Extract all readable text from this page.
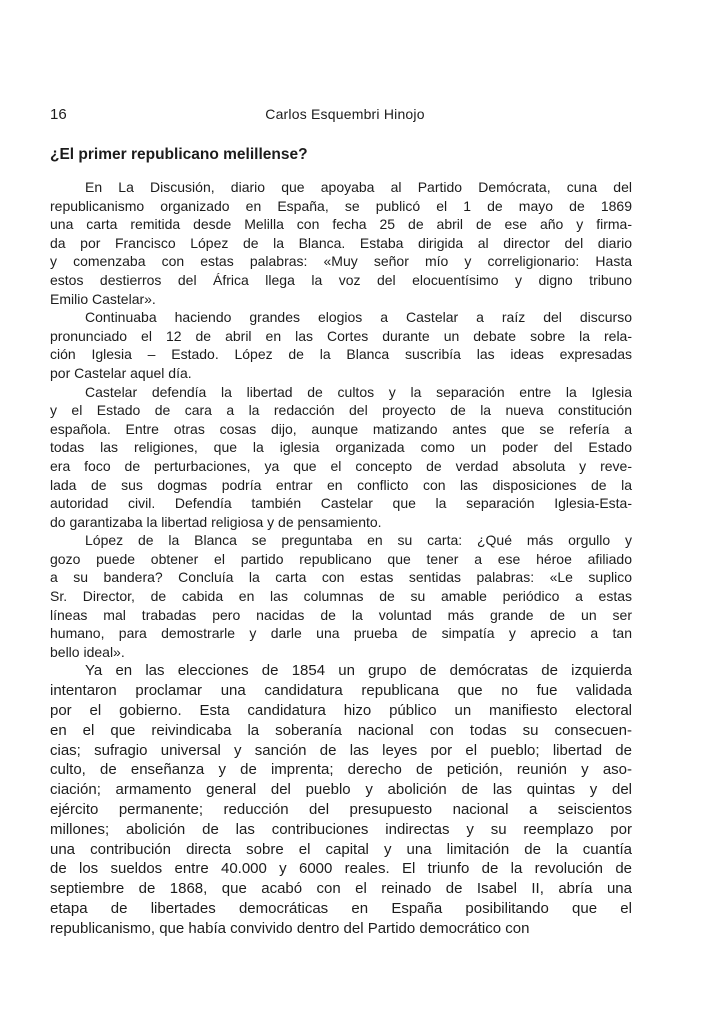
16	Carlos Esquembri Hinojo
¿El primer republicano melillense?

En La Discusión, diario que apoyaba al Partido Demócrata, cuna del
republicanismo organizado en España, se publicó el 1 de mayo de 1869
una carta remitida desde Melilla con fecha 25 de abril de ese año y firma-
da por Francisco López de la Blanca. Estaba dirigida al director del diario
y comenzaba con estas palabras: «Muy señor mío y correligionario: Hasta
estos destierros del África llega la voz del elocuentísimo y digno tribuno
Emilio Castelar».

Continuaba haciendo grandes elogios a Castelar a raíz del discurso
pronunciado el 12 de abril en las Cortes durante un debate sobre la rela-
ción Iglesia – Estado. López de la Blanca suscribía las ideas expresadas
por Castelar aquel día.

Castelar defendía la libertad de cultos y la separación entre la Iglesia
y el Estado de cara a la redacción del proyecto de la nueva constitución
española. Entre otras cosas dijo, aunque matizando antes que se refería a
todas las religiones, que la iglesia organizada como un poder del Estado
era foco de perturbaciones, ya que el concepto de verdad absoluta y reve-
lada de sus dogmas podría entrar en conflicto con las disposiciones de la
autoridad civil. Defendía también Castelar que la separación Iglesia-Esta-
do garantizaba la libertad religiosa y de pensamiento.

López de la Blanca se preguntaba en su carta: ¿Qué más orgullo y
gozo puede obtener el partido republicano que tener a ese héroe afiliado
a su bandera? Concluía la carta con estas sentidas palabras: «Le suplico
Sr. Director, de cabida en las columnas de su amable periódico a estas
líneas mal trabadas pero nacidas de la voluntad más grande de un ser
humano, para demostrarle y darle una prueba de simpatía y aprecio a tan
bello ideal».

Ya en las elecciones de 1854 un grupo de demócratas de izquierda
intentaron proclamar una candidatura republicana que no fue validada
por el gobierno. Esta candidatura hizo público un manifiesto electoral
en el que reivindicaba la soberanía nacional con todas su consecuen-
cias; sufragio universal y sanción de las leyes por el pueblo; libertad de
culto, de enseñanza y de imprenta; derecho de petición, reunión y aso-
ciación; armamento general del pueblo y abolición de las quintas y del
ejército permanente; reducción del presupuesto nacional a seiscientos
millones; abolición de las contribuciones indirectas y su reemplazo por
una contribución directa sobre el capital y una limitación de la cuantía
de los sueldos entre 40.000 y 6000 reales. El triunfo de la revolución de
septiembre de 1868, que acabó con el reinado de Isabel II, abría una
etapa de libertades democráticas en España posibilitando que el
republicanismo, que había convivido dentro del Partido democrático con
